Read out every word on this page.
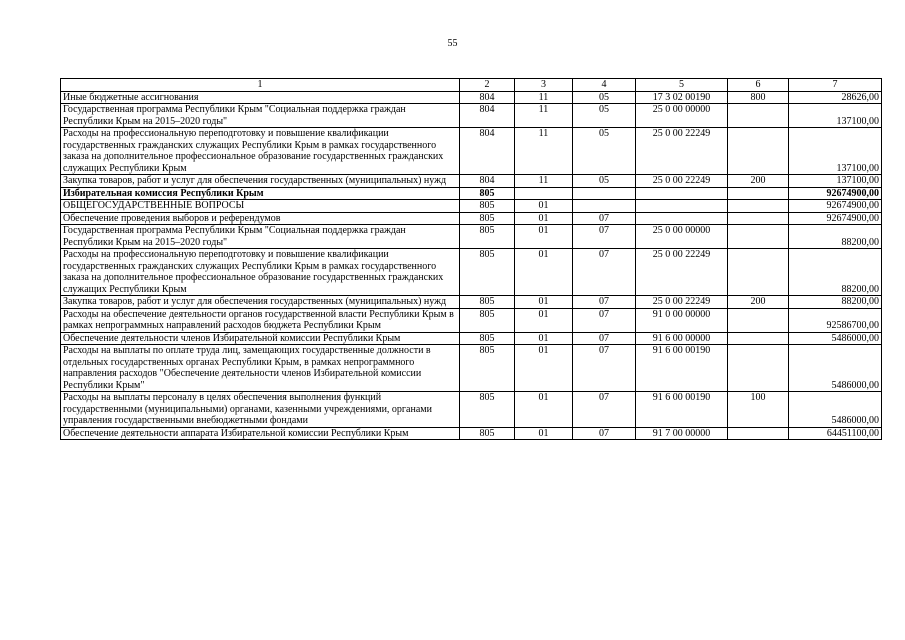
55
1	2	3	4	5	6	7
Иные бюджетные ассигнования	804	11	05	17 3 02 00190	800	28626,00
Государственная программа Республики Крым "Социальная поддержка граждан Республики Крым на 2015–2020 годы"	804	11	05	25 0 00 00000		137100,00
Расходы на профессиональную переподготовку и повышение квалификации государственных гражданских служащих Республики Крым в рамках государственного заказа на дополнительное профессиональное образование государственных гражданских служащих Республики Крым	804	11	05	25 0 00 22249		137100,00
Закупка товаров, работ и услуг для обеспечения государственных (муниципальных) нужд	804	11	05	25 0 00 22249	200	137100,00
Избирательная комиссия Республики Крым	805					92674900,00
ОБЩЕГОСУДАРСТВЕННЫЕ ВОПРОСЫ	805	01				92674900,00
Обеспечение проведения выборов и референдумов	805	01	07			92674900,00
Государственная программа Республики Крым "Социальная поддержка граждан Республики Крым на 2015–2020 годы"	805	01	07	25 0 00 00000		88200,00
Расходы на профессиональную переподготовку и повышение квалификации государственных гражданских служащих Республики Крым в рамках государственного заказа на дополнительное профессиональное образование государственных гражданских служащих Республики Крым	805	01	07	25 0 00 22249		88200,00
Закупка товаров, работ и услуг для обеспечения государственных (муниципальных) нужд	805	01	07	25 0 00 22249	200	88200,00
Расходы на обеспечение деятельности органов государственной власти Республики Крым в рамках непрограммных направлений расходов бюджета Республики Крым	805	01	07	91 0 00 00000		92586700,00
Обеспечение деятельности членов Избирательной комиссии Республики Крым	805	01	07	91 6 00 00000		5486000,00
Расходы на выплаты по оплате труда лиц, замещающих государственные должности в отдельных государственных органах Республики Крым, в рамках непрограммного направления расходов "Обеспечение деятельности членов Избирательной комиссии Республики Крым"	805	01	07	91 6 00 00190		5486000,00
Расходы на выплаты персоналу в целях обеспечения выполнения функций государственными (муниципальными) органами, казенными учреждениями, органами управления государственными внебюджетными фондами	805	01	07	91 6 00 00190	100	5486000,00
Обеспечение деятельности аппарата Избирательной комиссии Республики Крым	805	01	07	91 7 00 00000		64451100,00
